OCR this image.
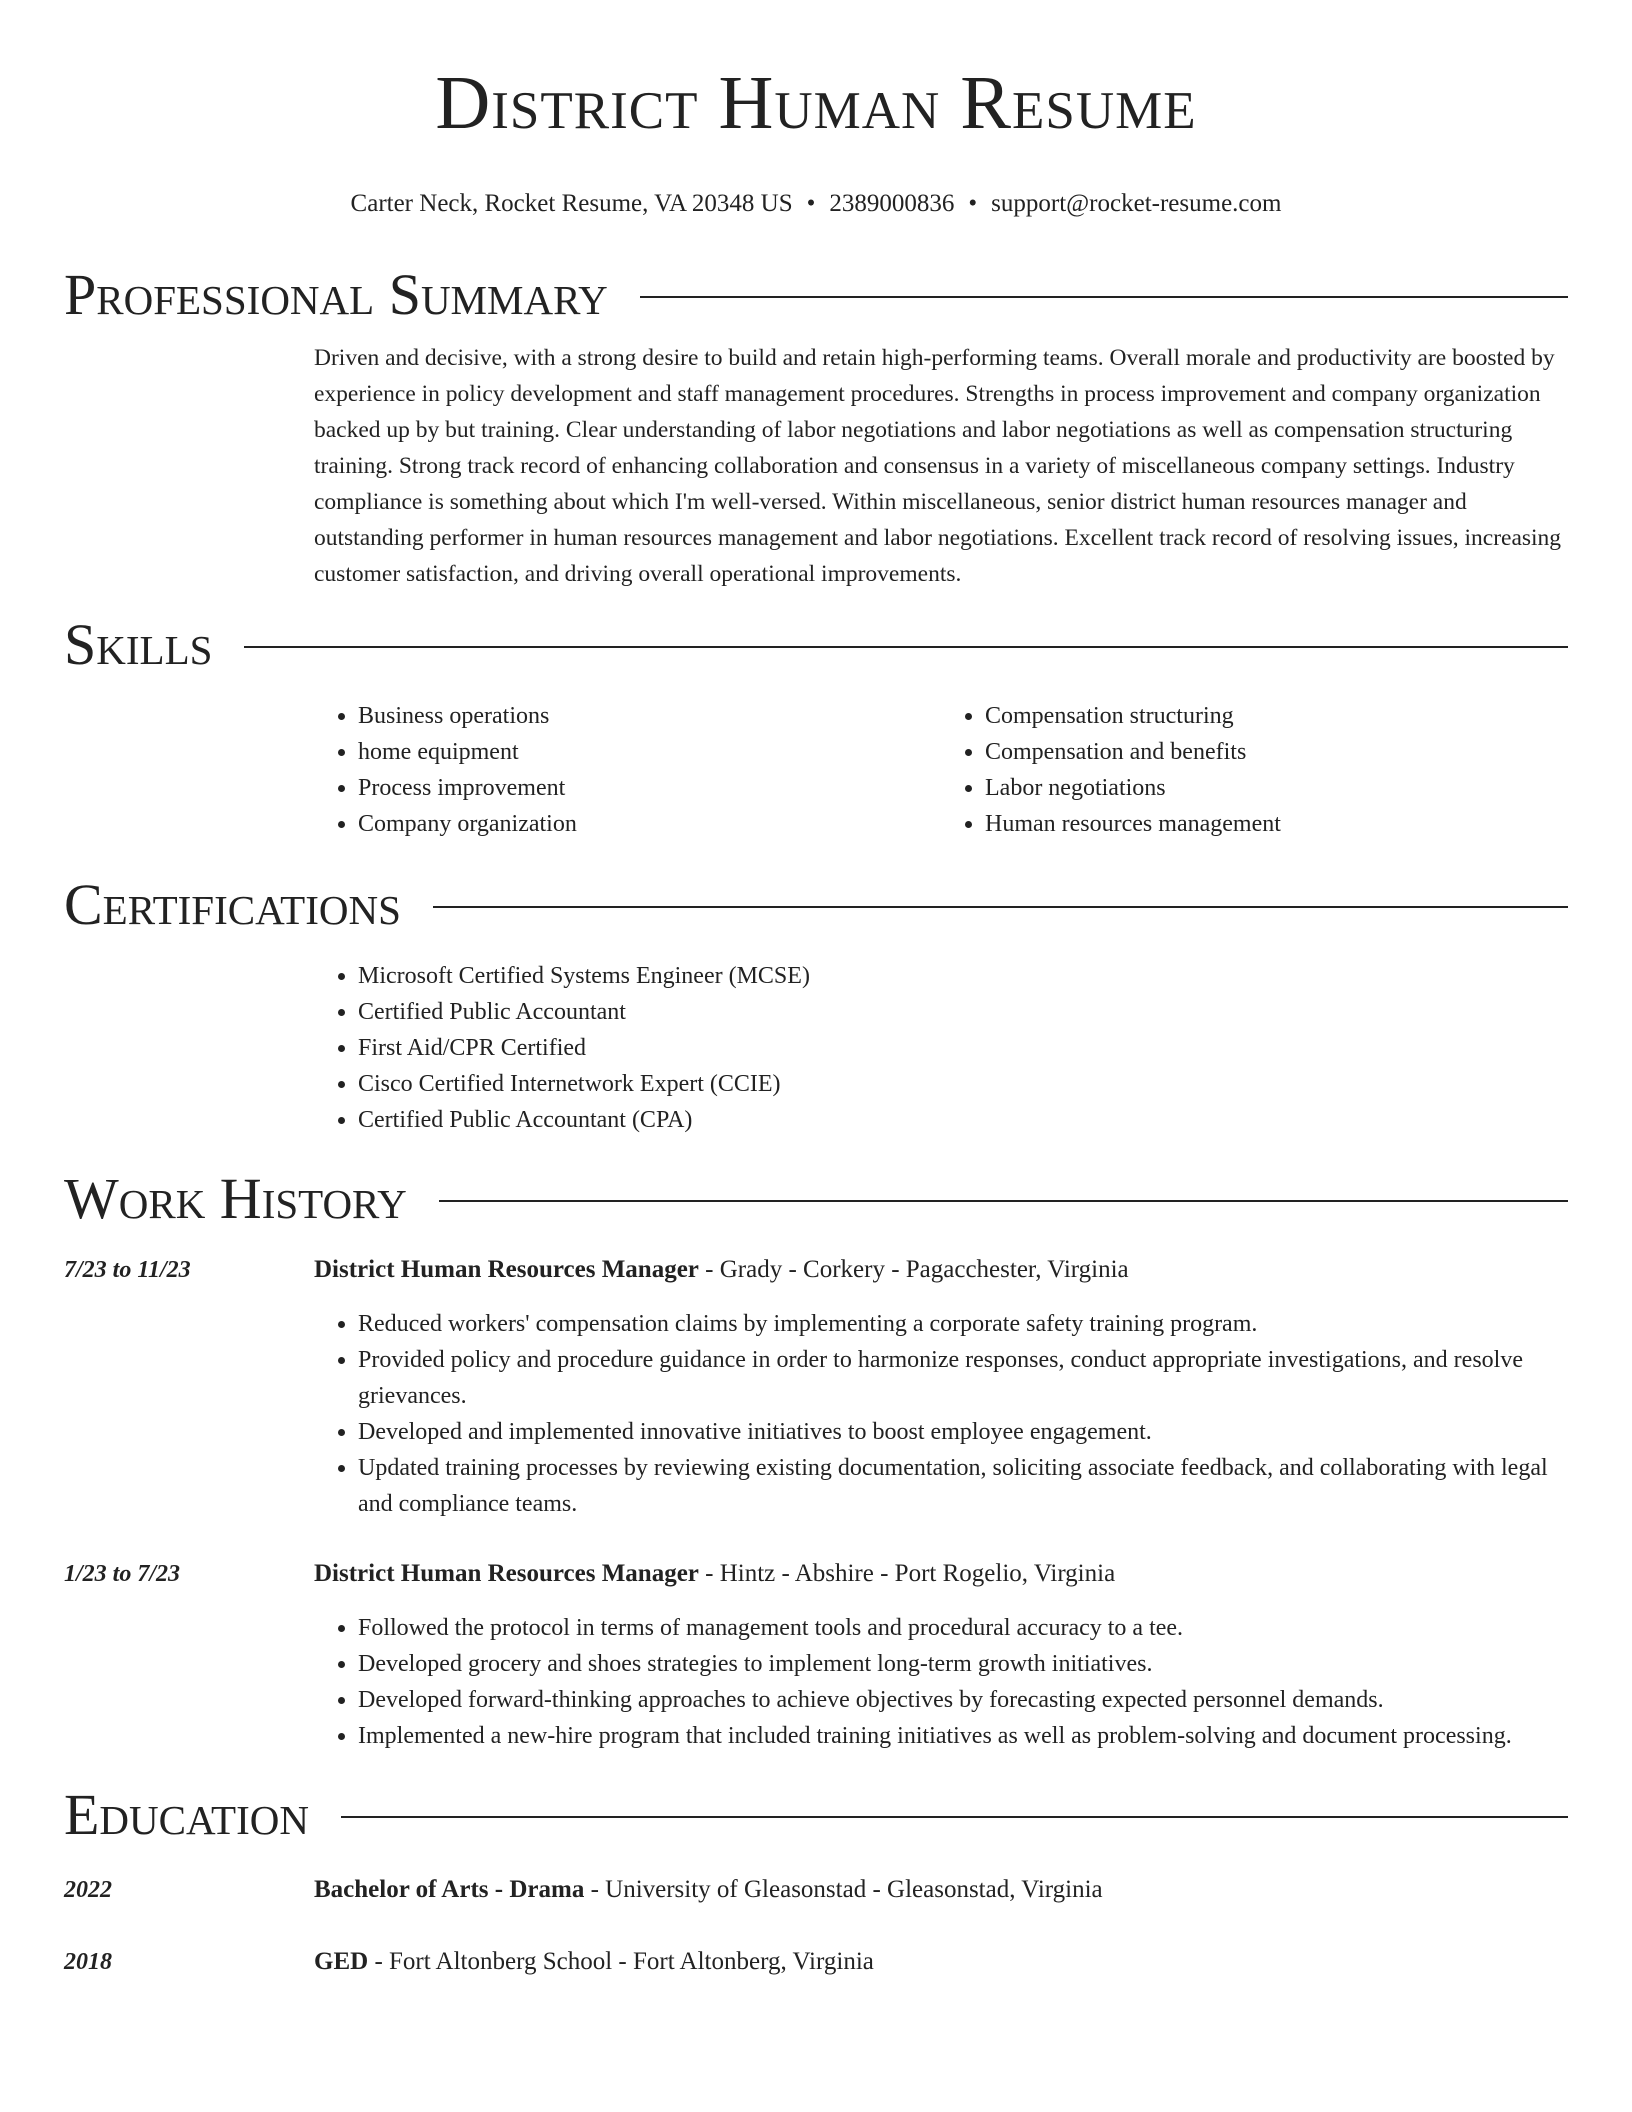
District Human Resume
Carter Neck, Rocket Resume, VA 20348 US • 2389000836 • support@rocket-resume.com
Professional Summary

Driven and decisive, with a strong desire to build and retain high-performing teams. Overall morale and productivity are boosted by experience in policy development and staff management procedures. Strengths in process improvement and company organization backed up by but training. Clear understanding of labor negotiations and labor negotiations as well as compensation structuring training. Strong track record of enhancing collaboration and consensus in a variety of miscellaneous company settings. Industry compliance is something about which I'm well-versed. Within miscellaneous, senior district human resources manager and outstanding performer in human resources management and labor negotiations. Excellent track record of resolving issues, increasing customer satisfaction, and driving overall operational improvements.

Skills
• Business operations
• home equipment
• Process improvement
• Company organization
• Compensation structuring
• Compensation and benefits
• Labor negotiations
• Human resources management
Certifications
• Microsoft Certified Systems Engineer (MCSE)
• Certified Public Accountant
• First Aid/CPR Certified
• Cisco Certified Internetwork Expert (CCIE)
• Certified Public Accountant (CPA)
Work History
7/23 to 11/23	District Human Resources Manager - Grady - Corkery - Pagacchester, Virginia
• Reduced workers' compensation claims by implementing a corporate safety training program.
• Provided policy and procedure guidance in order to harmonize responses, conduct appropriate investigations, and resolve grievances.
• Developed and implemented innovative initiatives to boost employee engagement.
• Updated training processes by reviewing existing documentation, soliciting associate feedback, and collaborating with legal and compliance teams.
1/23 to 7/23	District Human Resources Manager - Hintz - Abshire - Port Rogelio, Virginia
• Followed the protocol in terms of management tools and procedural accuracy to a tee.
• Developed grocery and shoes strategies to implement long-term growth initiatives.
• Developed forward-thinking approaches to achieve objectives by forecasting expected personnel demands.
• Implemented a new-hire program that included training initiatives as well as problem-solving and document processing.
Education
2022	Bachelor of Arts - Drama - University of Gleasonstad - Gleasonstad, Virginia
2018	GED - Fort Altonberg School - Fort Altonberg, Virginia
